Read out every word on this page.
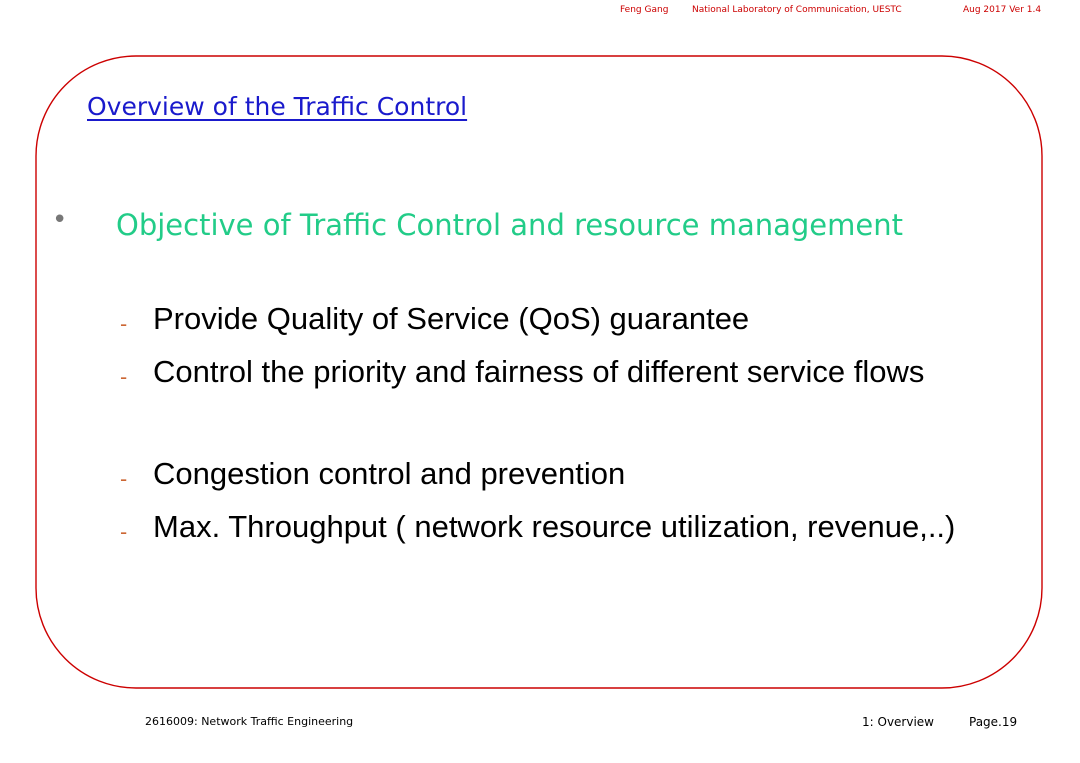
Feng Gang	National Laboratory of Communication, UESTC	Aug 2017 Ver 1.4
Overview of the Traffic Control
• Objective of Traffic Control and resource management
- Provide Quality of Service (QoS) guarantee
- Control the priority and fairness of different service flows
- Congestion control and prevention
- Max. Throughput ( network resource utilization, revenue,..)
2616009: Network Traffic Engineering	1: Overview	Page.19
